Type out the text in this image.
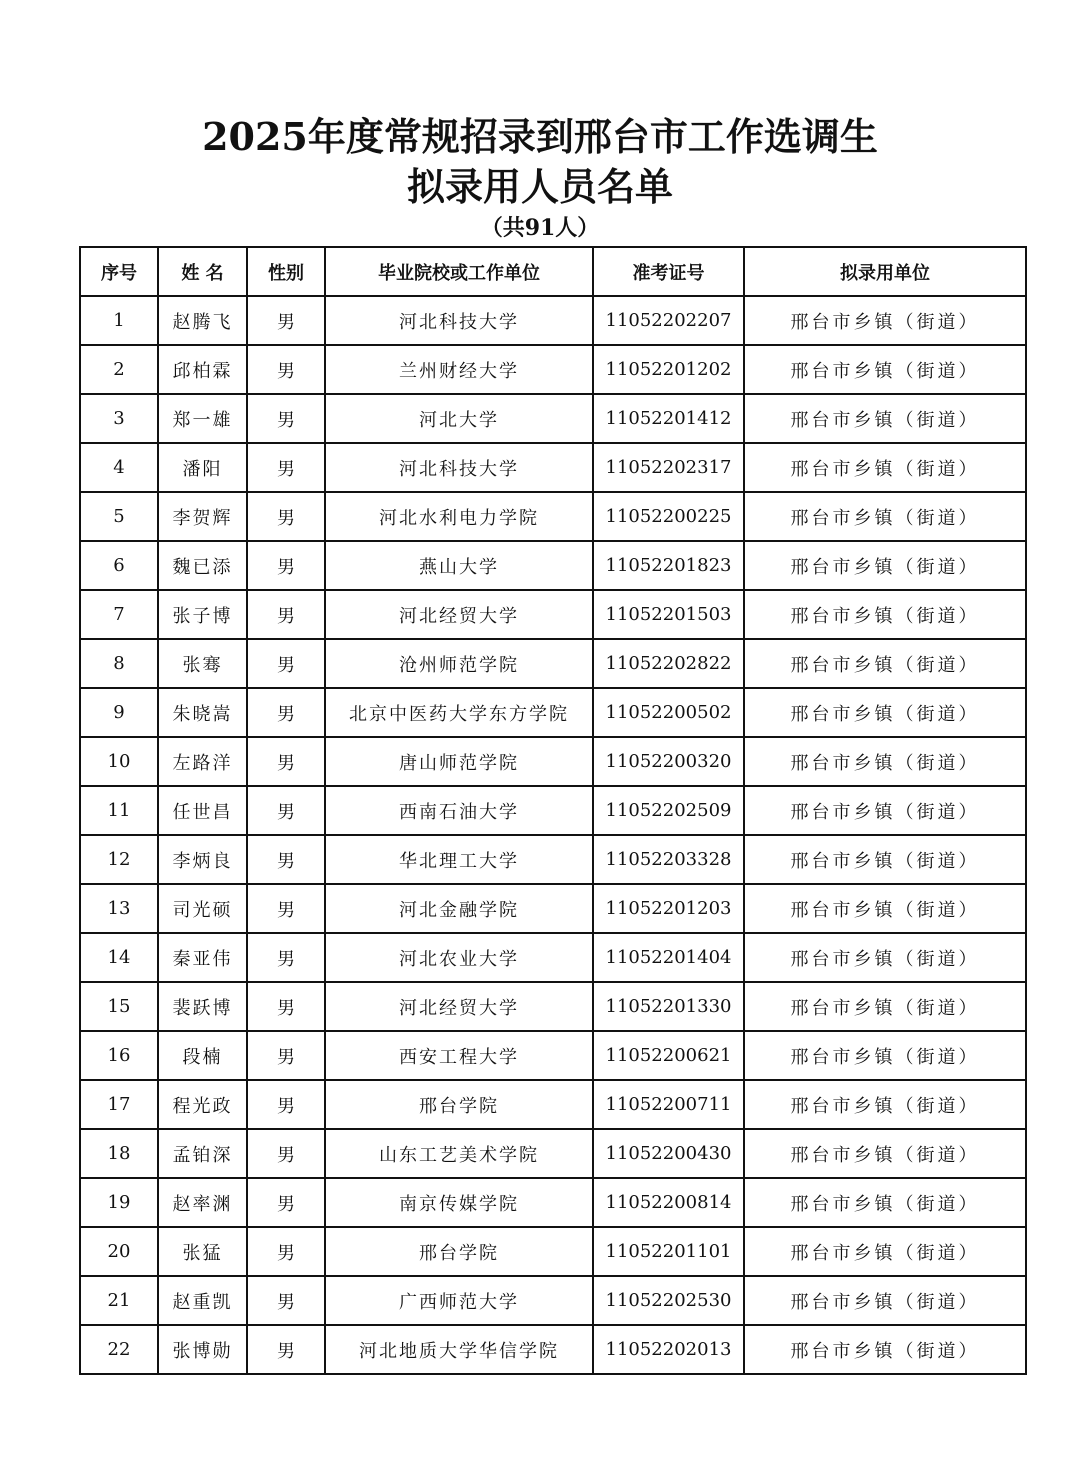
2025年度常规招录到邢台市工作选调生
拟录用人员名单
（共91人）
序号	姓 名	性别	毕业院校或工作单位	准考证号	拟录用单位
1	赵腾飞	男	河北科技大学	11052202207	邢台市乡镇（街道）
2	邱柏霖	男	兰州财经大学	11052201202	邢台市乡镇（街道）
3	郑一雄	男	河北大学	11052201412	邢台市乡镇（街道）
4	潘阳	男	河北科技大学	11052202317	邢台市乡镇（街道）
5	李贺辉	男	河北水利电力学院	11052200225	邢台市乡镇（街道）
6	魏已添	男	燕山大学	11052201823	邢台市乡镇（街道）
7	张子博	男	河北经贸大学	11052201503	邢台市乡镇（街道）
8	张骞	男	沧州师范学院	11052202822	邢台市乡镇（街道）
9	朱晓嵩	男	北京中医药大学东方学院	11052200502	邢台市乡镇（街道）
10	左路洋	男	唐山师范学院	11052200320	邢台市乡镇（街道）
11	任世昌	男	西南石油大学	11052202509	邢台市乡镇（街道）
12	李炳良	男	华北理工大学	11052203328	邢台市乡镇（街道）
13	司光硕	男	河北金融学院	11052201203	邢台市乡镇（街道）
14	秦亚伟	男	河北农业大学	11052201404	邢台市乡镇（街道）
15	裴跃博	男	河北经贸大学	11052201330	邢台市乡镇（街道）
16	段楠	男	西安工程大学	11052200621	邢台市乡镇（街道）
17	程光政	男	邢台学院	11052200711	邢台市乡镇（街道）
18	孟铂深	男	山东工艺美术学院	11052200430	邢台市乡镇（街道）
19	赵率渊	男	南京传媒学院	11052200814	邢台市乡镇（街道）
20	张猛	男	邢台学院	11052201101	邢台市乡镇（街道）
21	赵重凯	男	广西师范大学	11052202530	邢台市乡镇（街道）
22	张博勋	男	河北地质大学华信学院	11052202013	邢台市乡镇（街道）
